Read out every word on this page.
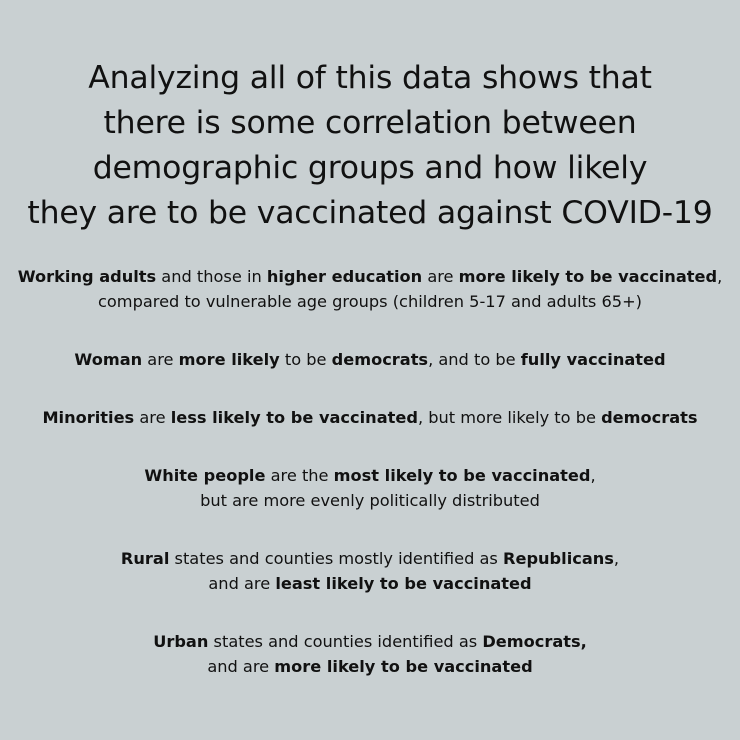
Analyzing all of this data shows that
there is some correlation between
demographic groups and how likely
they are to be vaccinated against COVID-19
Working adults and those in higher education are more likely to be vaccinated,
compared to vulnerable age groups (children 5-17 and adults 65+)
Woman are more likely to be democrats, and to be fully vaccinated
Minorities are less likely to be vaccinated, but more likely to be democrats
White people are the most likely to be vaccinated,
but are more evenly politically distributed
Rural states and counties mostly identified as Republicans,
and are least likely to be vaccinated
Urban states and counties identified as Democrats,
and are more likely to be vaccinated
